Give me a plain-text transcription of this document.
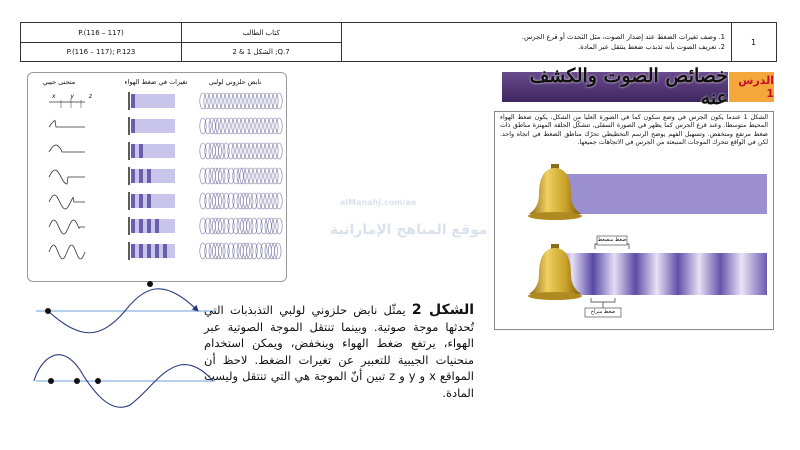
P.(116 – 117)	كتاب الطالب
P.(116 – 117); P.123	الشكل 1 & 2 ;Q.7
1. وصف تغيرات الضغط عند إصدار الصوت، مثل التحدث أو قرع الجرس.
2. تعريف الصوت بأنه تذبذب ضغط ينتقل عبر المادة.
1
خصائص الصوت والكشف عنه
الدرس 1
الشكل 1 عندما يكون الجرس في وضع سكون كما في الصورة العليا من الشكل، يكون ضغط الهواء المحيط متوسطا. وعند قرع الجرس كما يظهر في الصورة السفلى، تتشكّل الحلقة المهتزة مناطق ذات ضغط مرتفع ومنخفض. وتسهيل الفهم يوضح الرسم التخطيطي تحرّك مناطق الضغط في اتجاه واحد. لكن في الواقع تتحرك الموجات المنبعثة من الجرس في الاتجاهات جميعها.
ضغط منضغط
ضغط متراخ
نابض حلزوني لولبي
تغيرات في ضغط الهواء
منحنى جيبي
x y z
الشكل 2 يمثّل نابض حلزوني لولبي التذبذبات التي تُحدثها موجة صوتية. وبينما تنتقل الموجة الصوتية عبر الهواء، يرتفع ضغط الهواء وينخفض، ويمكن استخدام منحنيات الجيبية للتعبير عن تغيرات الضغط. لاحظ أن المواقع x و y و z تبين أنّ الموجة هي التي تنتقل وليست المادة.
alManahj.com/ae
موقع المناهج الإماراتية
